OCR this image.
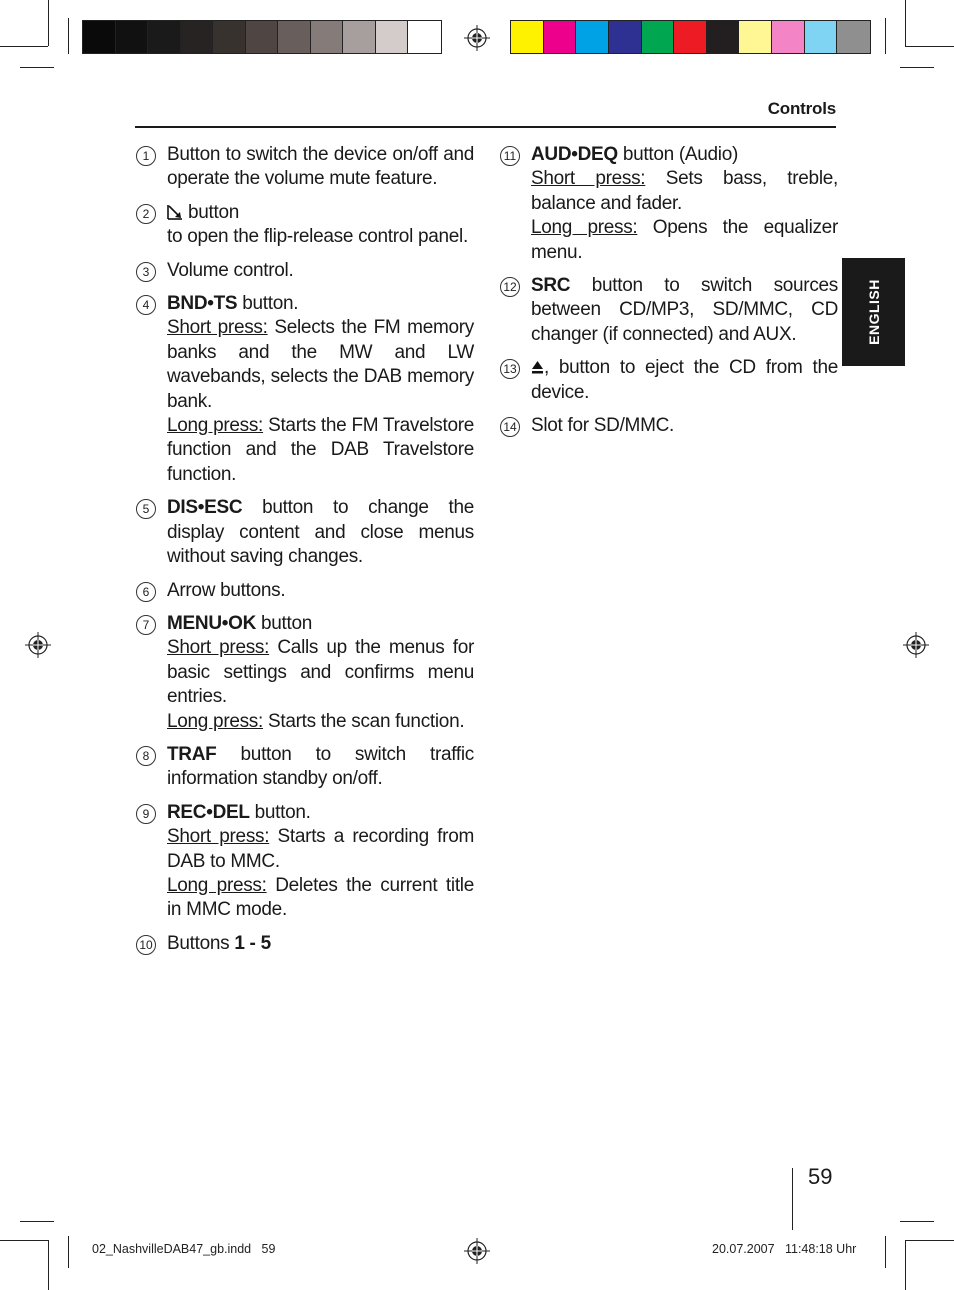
Controls
ENGLISH
1 Button to switch the device on/off and operate the volume mute feature.

2	button
to open the flip-release control panel.

3 Volume control.

4 BND•TS button.

Short press: Selects the FM memory banks and the MW and LW wavebands, selects the DAB memory bank.

Long press: Starts the FM Travelstore function and the DAB Travelstore function.

5 DIS•ESC button to change the display content and close menus without saving changes.

6 Arrow buttons.

7 MENU•OK button

Short press: Calls up the menus for basic settings and confirms menu entries.

Long press: Starts the scan function.

8 TRAF button to switch traffic information standby on/off.

9 REC•DEL button.

Short press: Starts a recording from DAB to MMC.

Long press: Deletes the current title in MMC mode.

10 Buttons 1 - 5

11 AUD•DEQ button (Audio)

Short press: Sets bass, treble, balance and fader.

Long press: Opens the equalizer menu.

12 SRC button to switch sources between CD/MP3, SD/MMC, CD changer (if connected) and AUX.

13	, button to eject the CD from the device.

14 Slot for SD/MMC.

59
02_NashvilleDAB47_gb.indd   59	20.07.2007   11:48:18 Uhr
